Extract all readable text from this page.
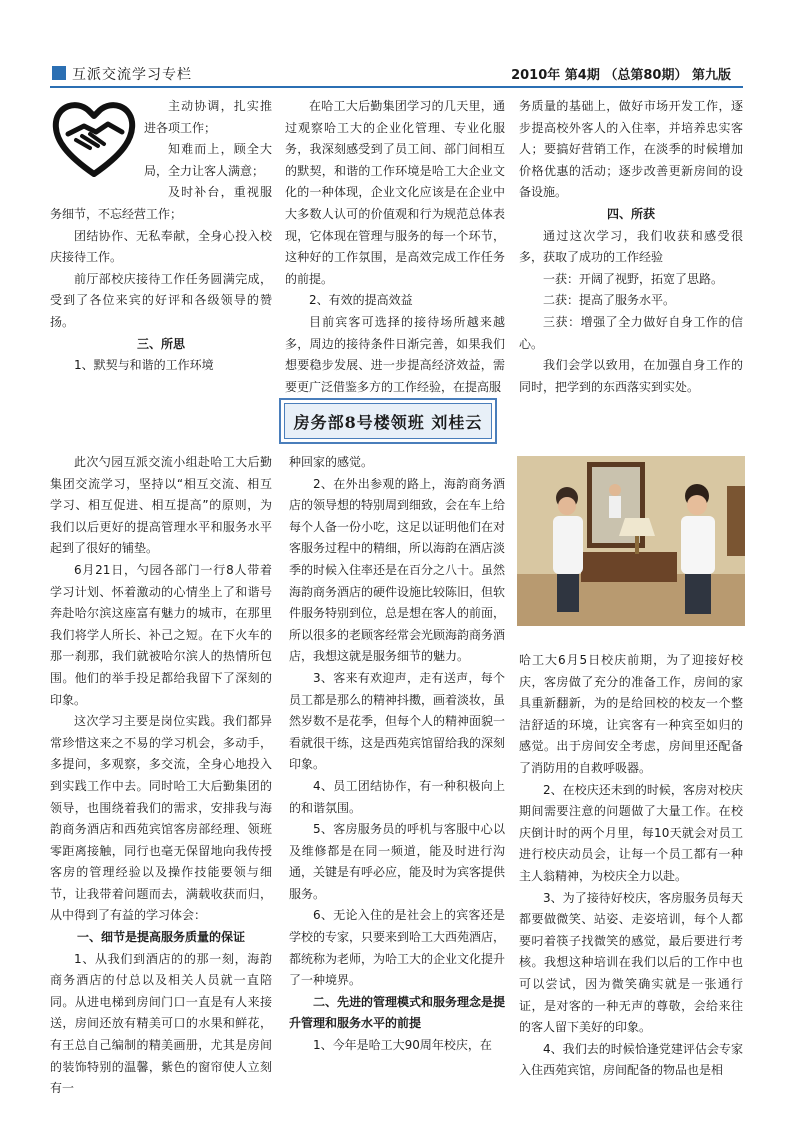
互派交流学习专栏	2010年 第4期 （总第80期） 第九版

主动协调，扎实推进各项工作；

知难而上，顾全大局，全力让客人满意；

及时补台，重视服务细节，不忘经营工作；

团结协作、无私奉献，全身心投入校庆接待工作。

前厅部校庆接待工作任务圆满完成，受到了各位来宾的好评和各级领导的赞扬。

三、所思

1、默契与和谐的工作环境

在哈工大后勤集团学习的几天里，通过观察哈工大的企业化管理、专业化服务，我深刻感受到了员工间、部门间相互的默契，和谐的工作环境是哈工大企业文化的一种体现，企业文化应该是在企业中大多数人认可的价值观和行为规范总体表现，它体现在管理与服务的每一个环节，这种好的工作氛围，是高效完成工作任务的前提。

2、有效的提高效益

目前宾客可选择的接待场所越来越多，周边的接待条件日渐完善，如果我们想要稳步发展、进一步提高经济效益，需要更广泛借鉴多方的工作经验，在提高服

务质量的基础上，做好市场开发工作，逐步提高校外客人的入住率，并培养忠实客人；要搞好营销工作，在淡季的时候增加价格优惠的活动；逐步改善更新房间的设备设施。

四、所获

通过这次学习，我们收获和感受很多，获取了成功的工作经验

一获：开阔了视野，拓宽了思路。

二获：提高了服务水平。

三获：增强了全力做好自身工作的信心。

我们会学以致用，在加强自身工作的同时，把学到的东西落实到实处。

房务部8号楼领班 刘桂云

此次勺园互派交流小组赴哈工大后勤集团交流学习，坚持以“相互交流、相互学习、相互促进、相互提高”的原则，为我们以后更好的提高管理水平和服务水平起到了很好的铺垫。

6月21日，勺园各部门一行8人带着学习计划、怀着激动的心情坐上了和谐号奔赴哈尔滨这座富有魅力的城市，在那里我们将学人所长、补己之短。在下火车的那一刹那，我们就被哈尔滨人的热情所包围。他们的举手投足都给我留下了深刻的印象。

这次学习主要是岗位实践。我们都异常珍惜这来之不易的学习机会，多动手，多提问，多观察，多交流，全身心地投入到实践工作中去。同时哈工大后勤集团的领导，也围绕着我们的需求，安排我与海韵商务酒店和西苑宾馆客房部经理、领班零距离接触，同行也毫无保留地向我传授客房的管理经验以及操作技能要领与细节，让我带着问题而去，满载收获而归，从中得到了有益的学习体会：

一、细节是提高服务质量的保证

1、从我们到酒店的的那一刻，海韵商务酒店的付总以及相关人员就一直陪同。从进电梯到房间门口一直是有人来接送，房间还放有精美可口的水果和鲜花，有王总自己编制的精美画册，尤其是房间的装饰特别的温馨，紫色的窗帘使人立刻有一

种回家的感觉。

2、在外出参观的路上，海韵商务酒店的领导想的特别周到细致，会在车上给每个人备一份小吃，这足以证明他们在对客服务过程中的精细，所以海韵在酒店淡季的时候入住率还是在百分之八十。虽然海韵商务酒店的硬件设施比较陈旧，但软件服务特别到位，总是想在客人的前面，所以很多的老顾客经常会光顾海韵商务酒店，我想这就是服务细节的魅力。

3、客来有欢迎声，走有送声，每个员工都是那么的精神抖擞，画着淡妆，虽然岁数不是花季，但每个人的精神面貌一看就很干练，这是西苑宾馆留给我的深刻印象。

4、员工团结协作，有一种积极向上的和谐氛围。

5、客房服务员的呼机与客服中心以及维修都是在同一频道，能及时进行沟通，关键是有呼必应，能及时为宾客提供服务。

6、无论入住的是社会上的宾客还是学校的专家，只要来到哈工大西苑酒店，都统称为老师，为哈工大的企业文化提升了一种境界。

二、先进的管理模式和服务理念是提升管理和服务水平的前提

1、今年是哈工大90周年校庆，在

哈工大6月5日校庆前期，为了迎接好校庆，客房做了充分的准备工作，房间的家具重新翻新，为的是给回校的校友一个整洁舒适的环境，让宾客有一种宾至如归的感觉。出于房间安全考虑，房间里还配备了消防用的自救呼吸器。

2、在校庆还未到的时候，客房对校庆期间需要注意的问题做了大量工作。在校庆倒计时的两个月里，每10天就会对员工进行校庆动员会，让每一个员工都有一种主人翁精神，为校庆全力以赴。

3、为了接待好校庆，客房服务员每天都要做微笑、站姿、走姿培训，每个人都要叼着筷子找微笑的感觉，最后要进行考核。我想这种培训在我们以后的工作中也可以尝试，因为微笑确实就是一张通行证，是对客的一种无声的尊敬，会给来往的客人留下美好的印象。

4、我们去的时候恰逢党建评估会专家入住西苑宾馆，房间配备的物品也是相
